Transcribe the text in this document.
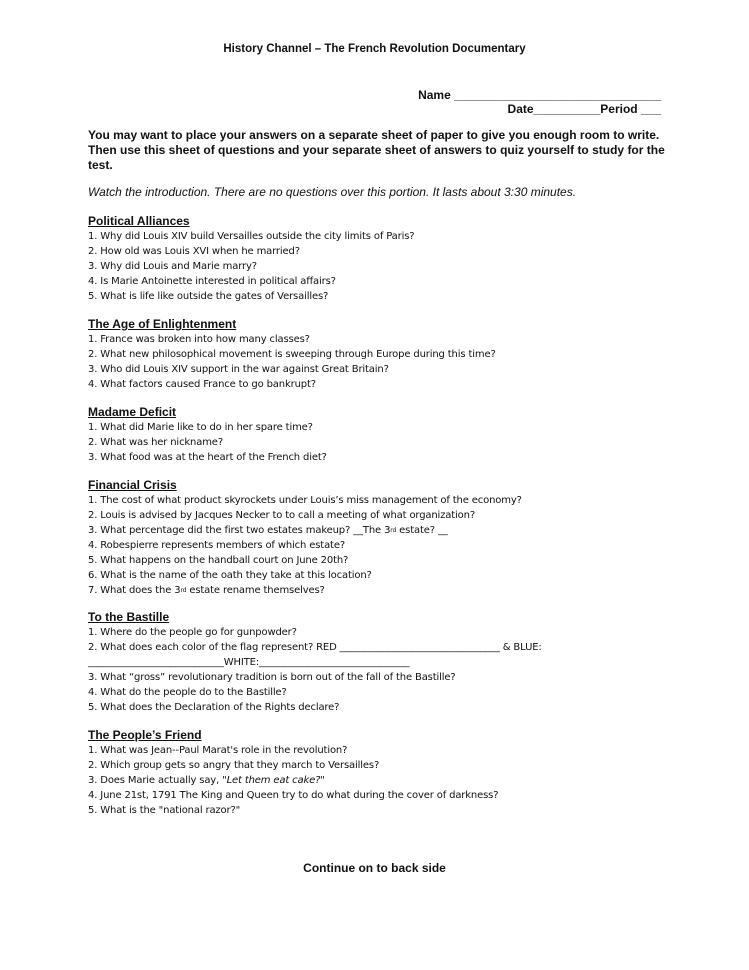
History Channel – The French Revolution Documentary
Name _______________________________
Date__________Period ___
You may want to place your answers on a separate sheet of paper to give you enough room to write. Then use this sheet of questions and your separate sheet of answers to quiz yourself to study for the test.
Watch the introduction. There are no questions over this portion. It lasts about 3:30 minutes.
Political Alliances
1. Why did Louis XIV build Versailles outside the city limits of Paris?
2. How old was Louis XVI when he married?
3. Why did Louis and Marie marry?
4. Is Marie Antoinette interested in political affairs?
5. What is life like outside the gates of Versailles?
The Age of Enlightenment
1. France was broken into how many classes?
2. What new philosophical movement is sweeping through Europe during this time?
3. Who did Louis XIV support in the war against Great Britain?
4. What factors caused France to go bankrupt?
Madame Deficit
1. What did Marie like to do in her spare time?
2. What was her nickname?
3. What food was at the heart of the French diet?
Financial Crisis
1. The cost of what product skyrockets under Louis’s miss management of the economy?
2. Louis is advised by Jacques Necker to to call a meeting of what organization?
3. What percentage did the first two estates makeup? __The 3rd estate? __
4. Robespierre represents members of which estate?
5. What happens on the handball court on June 20th?
6. What is the name of the oath they take at this location?
7. What does the 3rd estate rename themselves?
To the Bastille
1. Where do the people go for gunpowder?
2. What does each color of the flag represent? RED _________________________________ & BLUE:
____________________________WHITE:_______________________________
3. What “gross” revolutionary tradition is born out of the fall of the Bastille?
4. What do the people do to the Bastille?
5. What does the Declaration of the Rights declare?
The People’s Friend
1. What was Jean--Paul Marat's role in the revolution?
2. Which group gets so angry that they march to Versailles?
3. Does Marie actually say, "Let them eat cake?"
4. June 21st, 1791 The King and Queen try to do what during the cover of darkness?
5. What is the "national razor?"
Continue on to back side
